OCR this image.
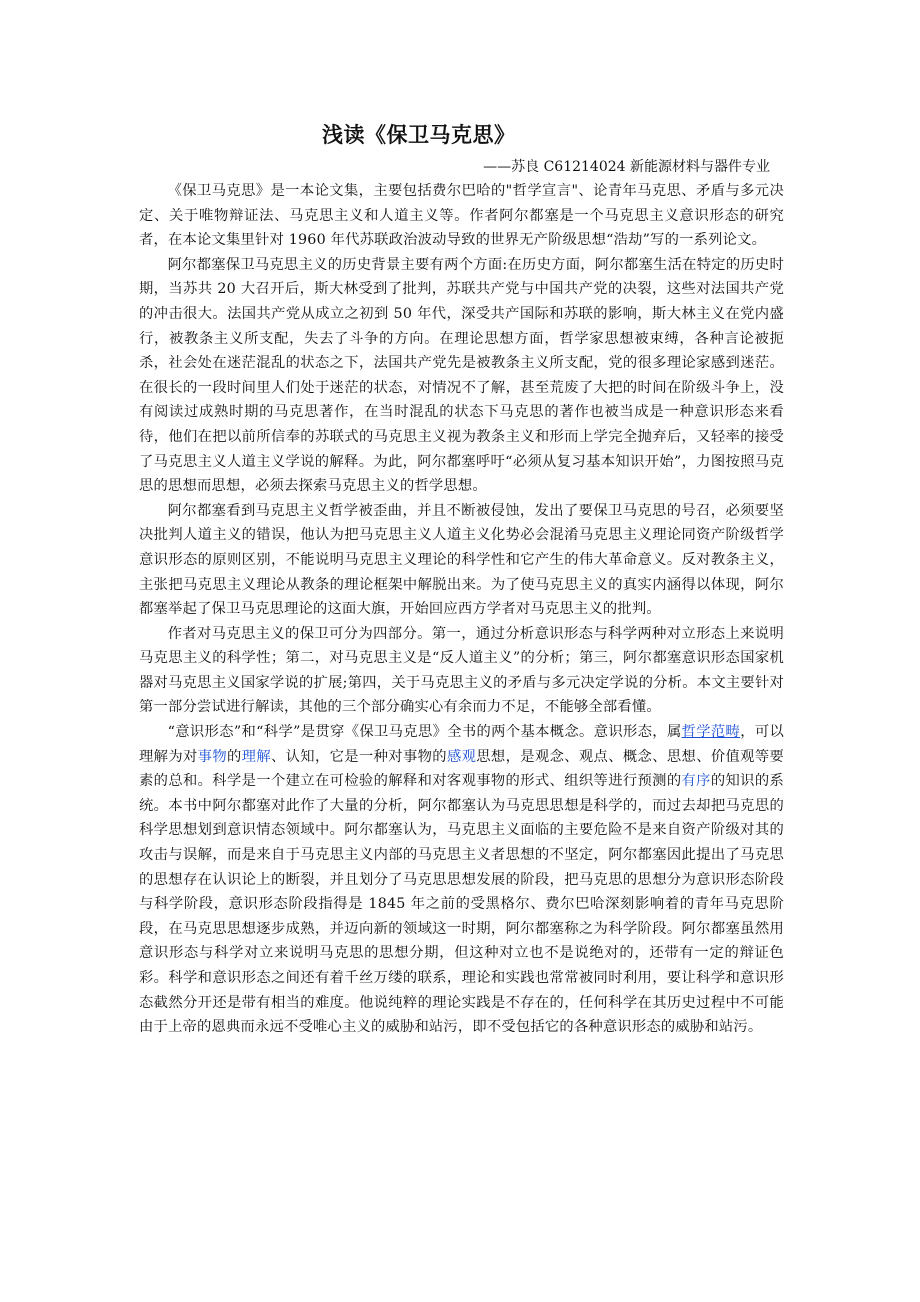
浅读《保卫马克思》
——苏良 C61214024 新能源材料与器件专业

《保卫马克思》是一本论文集，主要包括费尔巴哈的"哲学宣言"、论青年马克思、矛盾与多元决定、关于唯物辩证法、马克思主义和人道主义等。作者阿尔都塞是一个马克思主义意识形态的研究者，在本论文集里针对 1960 年代苏联政治波动导致的世界无产阶级思想“浩劫”写的一系列论文。

阿尔都塞保卫马克思主义的历史背景主要有两个方面:在历史方面，阿尔都塞生活在特定的历史时期，当苏共 20 大召开后，斯大林受到了批判，苏联共产党与中国共产党的决裂，这些对法国共产党的冲击很大。法国共产党从成立之初到 50 年代，深受共产国际和苏联的影响，斯大林主义在党内盛行，被教条主义所支配，失去了斗争的方向。在理论思想方面，哲学家思想被束缚，各种言论被扼杀，社会处在迷茫混乱的状态之下，法国共产党先是被教条主义所支配，党的很多理论家感到迷茫。在很长的一段时间里人们处于迷茫的状态，对情况不了解，甚至荒废了大把的时间在阶级斗争上，没有阅读过成熟时期的马克思著作，在当时混乱的状态下马克思的著作也被当成是一种意识形态来看待，他们在把以前所信奉的苏联式的马克思主义视为教条主义和形而上学完全抛弃后，又轻率的接受了马克思主义人道主义学说的解释。为此，阿尔都塞呼吁“必须从复习基本知识开始”，力图按照马克思的思想而思想，必须去探索马克思主义的哲学思想。

阿尔都塞看到马克思主义哲学被歪曲，并且不断被侵蚀，发出了要保卫马克思的号召，必须要坚决批判人道主义的错误，他认为把马克思主义人道主义化势必会混淆马克思主义理论同资产阶级哲学意识形态的原则区别，不能说明马克思主义理论的科学性和它产生的伟大革命意义。反对教条主义，主张把马克思主义理论从教条的理论框架中解脱出来。为了使马克思主义的真实内涵得以体现，阿尔都塞举起了保卫马克思理论的这面大旗，开始回应西方学者对马克思主义的批判。

作者对马克思主义的保卫可分为四部分。第一，通过分析意识形态与科学两种对立形态上来说明马克思主义的科学性；第二，对马克思主义是“反人道主义”的分析；第三，阿尔都塞意识形态国家机器对马克思主义国家学说的扩展;第四，关于马克思主义的矛盾与多元决定学说的分析。本文主要针对第一部分尝试进行解读，其他的三个部分确实心有余而力不足，不能够全部看懂。

“意识形态”和“科学”是贯穿《保卫马克思》全书的两个基本概念。意识形态，属哲学范畴，可以理解为对事物的理解、认知，它是一种对事物的感观思想，是观念、观点、概念、思想、价值观等要素的总和。科学是一个建立在可检验的解释和对客观事物的形式、组织等进行预测的有序的知识的系统。本书中阿尔都塞对此作了大量的分析，阿尔都塞认为马克思思想是科学的，而过去却把马克思的科学思想划到意识情态领域中。阿尔都塞认为，马克思主义面临的主要危险不是来自资产阶级对其的攻击与误解，而是来自于马克思主义内部的马克思主义者思想的不坚定，阿尔都塞因此提出了马克思的思想存在认识论上的断裂，并且划分了马克思思想发展的阶段，把马克思的思想分为意识形态阶段与科学阶段，意识形态阶段指得是 1845 年之前的受黑格尔、费尔巴哈深刻影响着的青年马克思阶段，在马克思思想逐步成熟，并迈向新的领域这一时期，阿尔都塞称之为科学阶段。阿尔都塞虽然用意识形态与科学对立来说明马克思的思想分期，但这种对立也不是说绝对的，还带有一定的辩证色彩。科学和意识形态之间还有着千丝万缕的联系，理论和实践也常常被同时利用，要让科学和意识形态截然分开还是带有相当的难度。他说纯粹的理论实践是不存在的，任何科学在其历史过程中不可能由于上帝的恩典而永远不受唯心主义的威胁和站污，即不受包括它的各种意识形态的威胁和站污。
